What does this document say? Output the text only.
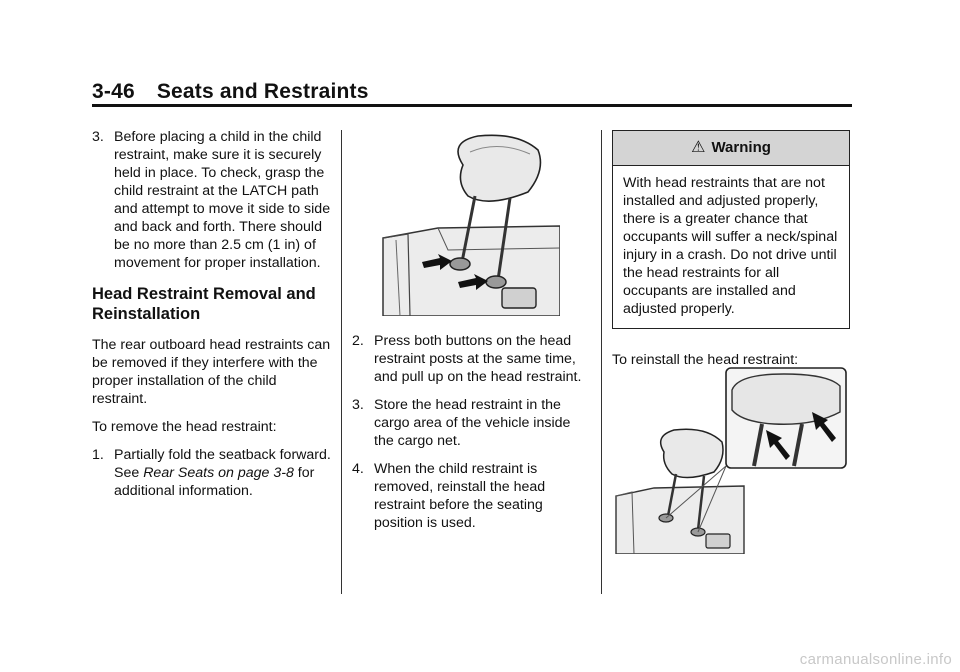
3-46 Seats and Restraints
3. Before placing a child in the child restraint, make sure it is securely held in place. To check, grasp the child restraint at the LATCH path and attempt to move it side to side and back and forth. There should be no more than 2.5 cm (1 in) of movement for proper installation.
Head Restraint Removal and Reinstallation

The rear outboard head restraints can be removed if they interfere with the proper installation of the child restraint.

To remove the head restraint:

1. Partially fold the seatback forward. See Rear Seats on page 3-8 for additional information.
2. Press both buttons on the head restraint posts at the same time, and pull up on the head restraint.
3. Store the head restraint in the cargo area of the vehicle inside the cargo net.
4. When the child restraint is removed, reinstall the head restraint before the seating position is used.
⚠ Warning
With head restraints that are not installed and adjusted properly, there is a greater chance that occupants will suffer a neck/spinal injury in a crash. Do not drive until the head restraints for all occupants are installed and adjusted properly.

To reinstall the head restraint:

carmanualsonline.info
